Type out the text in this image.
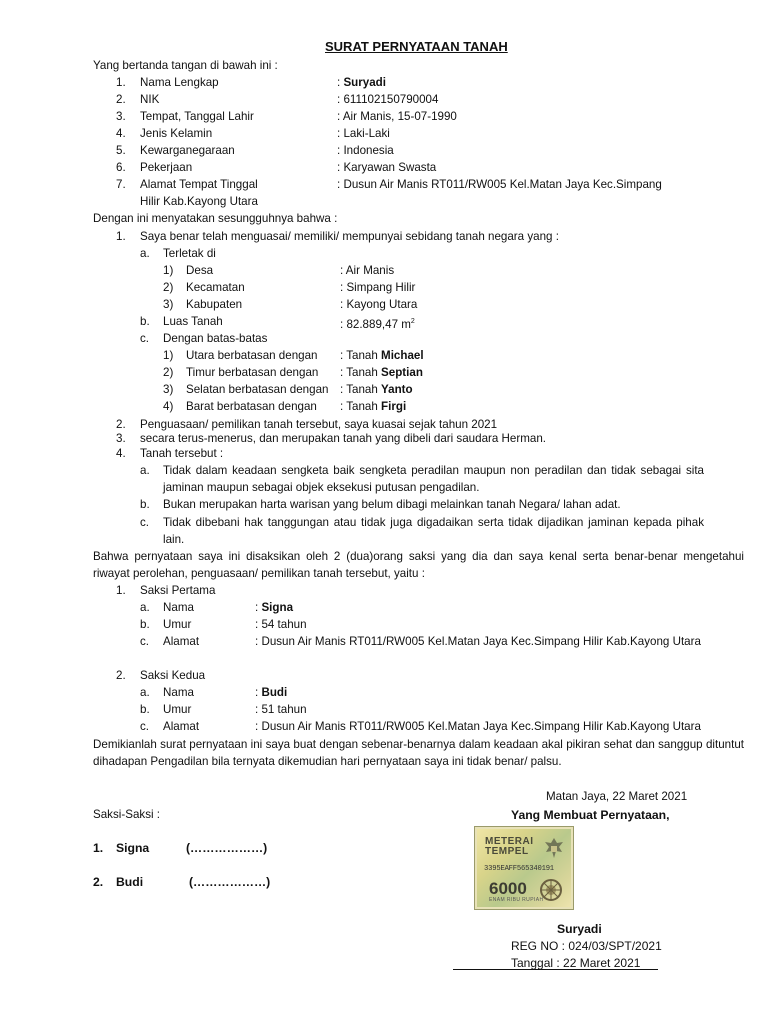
SURAT PERNYATAAN TANAH
Yang bertanda tangan di bawah ini :
1. Nama Lengkap	: Suryadi
2. NIK	: 611102150790004
3. Tempat, Tanggal Lahir	: Air Manis, 15-07-1990
4. Jenis Kelamin	: Laki-Laki
5. Kewarganegaraan	: Indonesia
6. Pekerjaan	: Karyawan Swasta
7. Alamat Tempat Tinggal	: Dusun Air Manis RT011/RW005 Kel.Matan Jaya Kec.Simpang
Hilir Kab.Kayong Utara
Dengan ini menyatakan sesungguhnya bahwa :
1. Saya benar telah menguasai/ memiliki/ mempunyai sebidang tanah negara yang :
a. Terletak di
1) Desa	: Air Manis
2) Kecamatan	: Simpang Hilir
3) Kabupaten	: Kayong Utara
b. Luas Tanah	: 82.889,47 $m^2$
c. Dengan batas-batas
1) Utara berbatasan dengan : Tanah Michael
2) Timur berbatasan dengan : Tanah Septian
3) Selatan berbatasan dengan : Tanah Yanto
4) Barat berbatasan dengan : Tanah Firgi
2. Penguasaan/ pemilikan tanah tersebut, saya kuasai sejak tahun 2021
3. secara terus-menerus, dan merupakan tanah yang dibeli dari saudara Herman.
4. Tanah tersebut :
a. Tidak dalam keadaan sengketa baik sengketa peradilan maupun non peradilan dan tidak sebagai sita
jaminan maupun sebagai objek eksekusi putusan pengadilan.
b. Bukan merupakan harta warisan yang belum dibagi melainkan tanah Negara/ lahan adat.
c. Tidak dibebani hak tanggungan atau tidak juga digadaikan serta tidak dijadikan jaminan kepada pihak
lain.
Bahwa pernyataan saya ini disaksikan oleh 2 (dua)orang saksi yang dia dan saya kenal serta benar-benar mengetahui
riwayat perolehan, penguasaan/ pemilikan tanah tersebut, yaitu :
1. Saksi Pertama
a. Nama	: Signa
b. Umur	: 54 tahun
c. Alamat	: Dusun Air Manis RT011/RW005 Kel.Matan Jaya Kec.Simpang Hilir Kab.Kayong Utara
2. Saksi Kedua
a. Nama	: Budi
b. Umur	: 51 tahun
c. Alamat	: Dusun Air Manis RT011/RW005 Kel.Matan Jaya Kec.Simpang Hilir Kab.Kayong Utara
Demikianlah surat pernyataan ini saya buat dengan sebenar-benarnya dalam keadaan akal pikiran sehat dan sanggup dituntut
dihadapan Pengadilan bila ternyata dikemudian hari pernyataan saya ini tidak benar/ palsu.
Matan Jaya, 22 Maret 2021
Saksi-Saksi :	Yang Membuat Pernyataan,
1. Signa	(………………)
2. Budi	(………………)
METERAI
TEMPEL
3395EAFF565340191
6000
ENAM RIBU RUPIAH
Suryadi
REG NO : 024/03/SPT/2021
Tanggal : 22 Maret 2021
